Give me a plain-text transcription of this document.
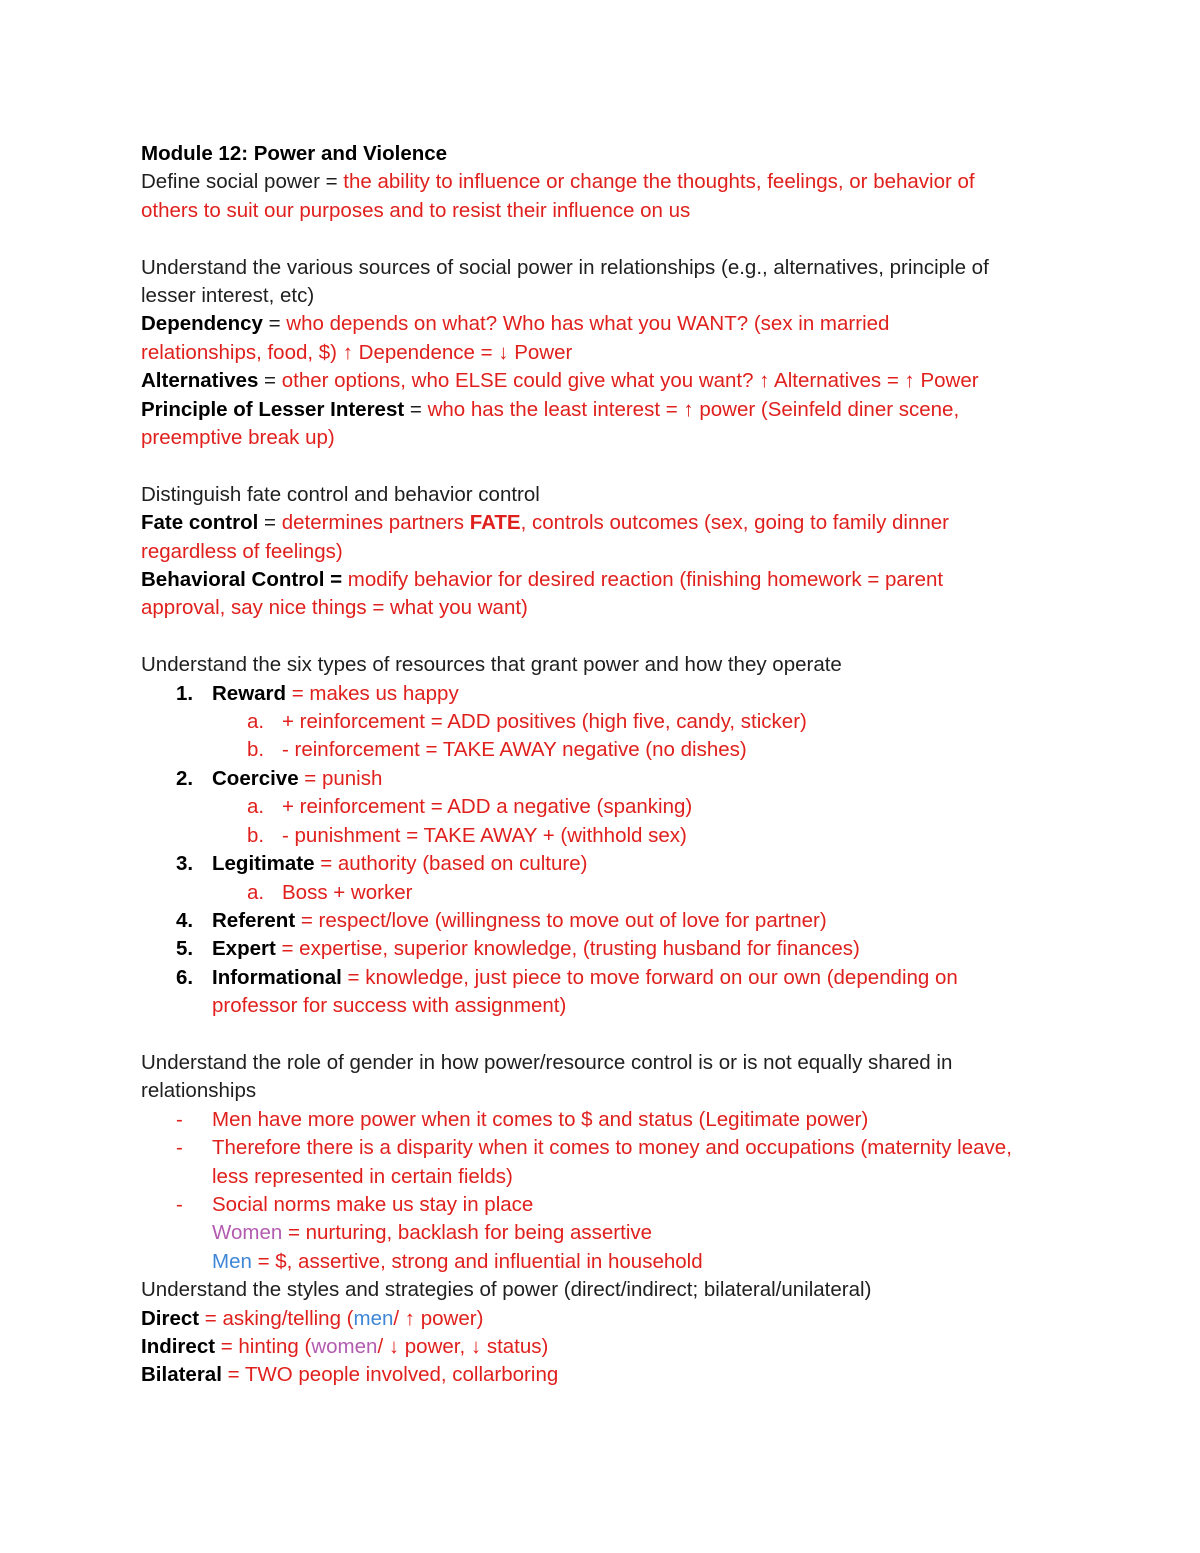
Module 12: Power and Violence
Define social power = the ability to influence or change the thoughts, feelings, or behavior of
others to suit our purposes and to resist their influence on us
Understand the various sources of social power in relationships (e.g., alternatives, principle of
lesser interest, etc)
Dependency = who depends on what? Who has what you WANT? (sex in married
relationships, food, $) ↑ Dependence = ↓ Power
Alternatives = other options, who ELSE could give what you want? ↑ Alternatives = ↑ Power
Principle of Lesser Interest = who has the least interest = ↑ power (Seinfeld diner scene,
preemptive break up)
Distinguish fate control and behavior control
Fate control = determines partners FATE, controls outcomes (sex, going to family dinner
regardless of feelings)
Behavioral Control = modify behavior for desired reaction (finishing homework = parent
approval, say nice things = what you want)
Understand the six types of resources that grant power and how they operate
1. Reward = makes us happy
a. + reinforcement = ADD positives (high five, candy, sticker)
b. - reinforcement = TAKE AWAY negative (no dishes)
2. Coercive = punish
a. + reinforcement = ADD a negative (spanking)
b. - punishment = TAKE AWAY + (withhold sex)
3. Legitimate = authority (based on culture)
a. Boss + worker
4. Referent = respect/love (willingness to move out of love for partner)
5. Expert = expertise, superior knowledge, (trusting husband for finances)
6. Informational = knowledge, just piece to move forward on our own (depending on
professor for success with assignment)
Understand the role of gender in how power/resource control is or is not equally shared in
relationships
- Men have more power when it comes to $ and status (Legitimate power)
- Therefore there is a disparity when it comes to money and occupations (maternity leave,
less represented in certain fields)
- Social norms make us stay in place
Women = nurturing, backlash for being assertive
Men = $, assertive, strong and influential in household
Understand the styles and strategies of power (direct/indirect; bilateral/unilateral)
Direct = asking/telling (men/ ↑ power)
Indirect = hinting (women/ ↓ power, ↓ status)
Bilateral = TWO people involved, collarboring
